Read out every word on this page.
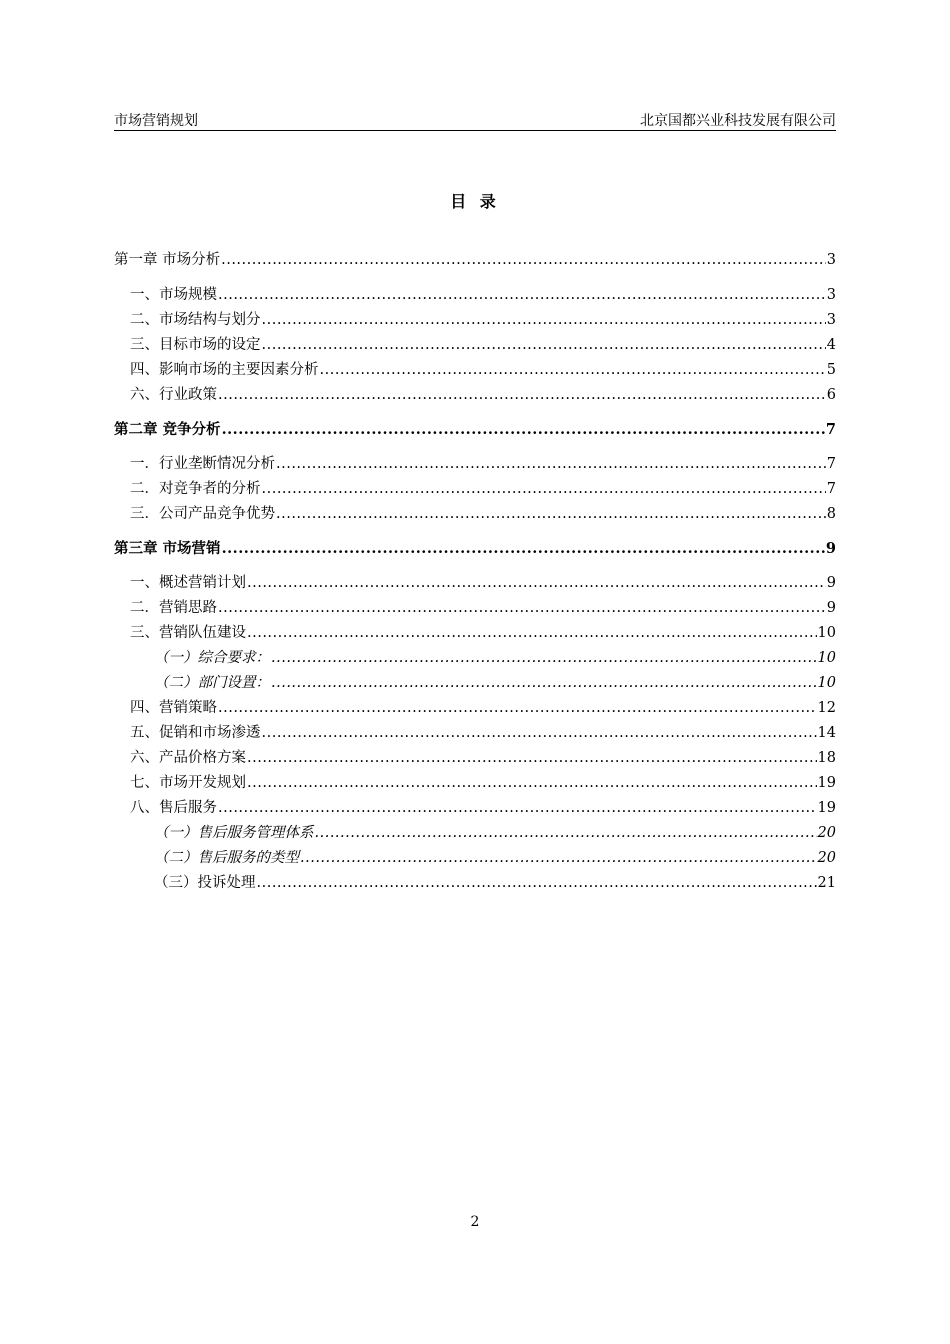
市场营销规划	北京国都兴业科技发展有限公司
目 录
第一章 市场分析 .....	3
一、市场规模 .....	3
二、市场结构与划分 .....	3
三、目标市场的设定 .....	4
四、影响市场的主要因素分析 .....	5
六、行业政策 .....	6
第二章 竞争分析 .....	7
一．行业垄断情况分析 .....	7
二．对竞争者的分析 .....	7
三．公司产品竞争优势 .....	8
第三章 市场营销 .....	9
一、概述营销计划 .....	9
二．营销思路 .....	9
三、营销队伍建设 .....	10
（一）综合要求： .....	10
（二）部门设置： .....	10
四、营销策略 .....	12
五、促销和市场渗透 .....	14
六、产品价格方案 .....	18
七、市场开发规划 .....	19
八、售后服务 .....	19
（一）售后服务管理体系 .....	20
（二）售后服务的类型 .....	20
（三）投诉处理 .....	21
2
